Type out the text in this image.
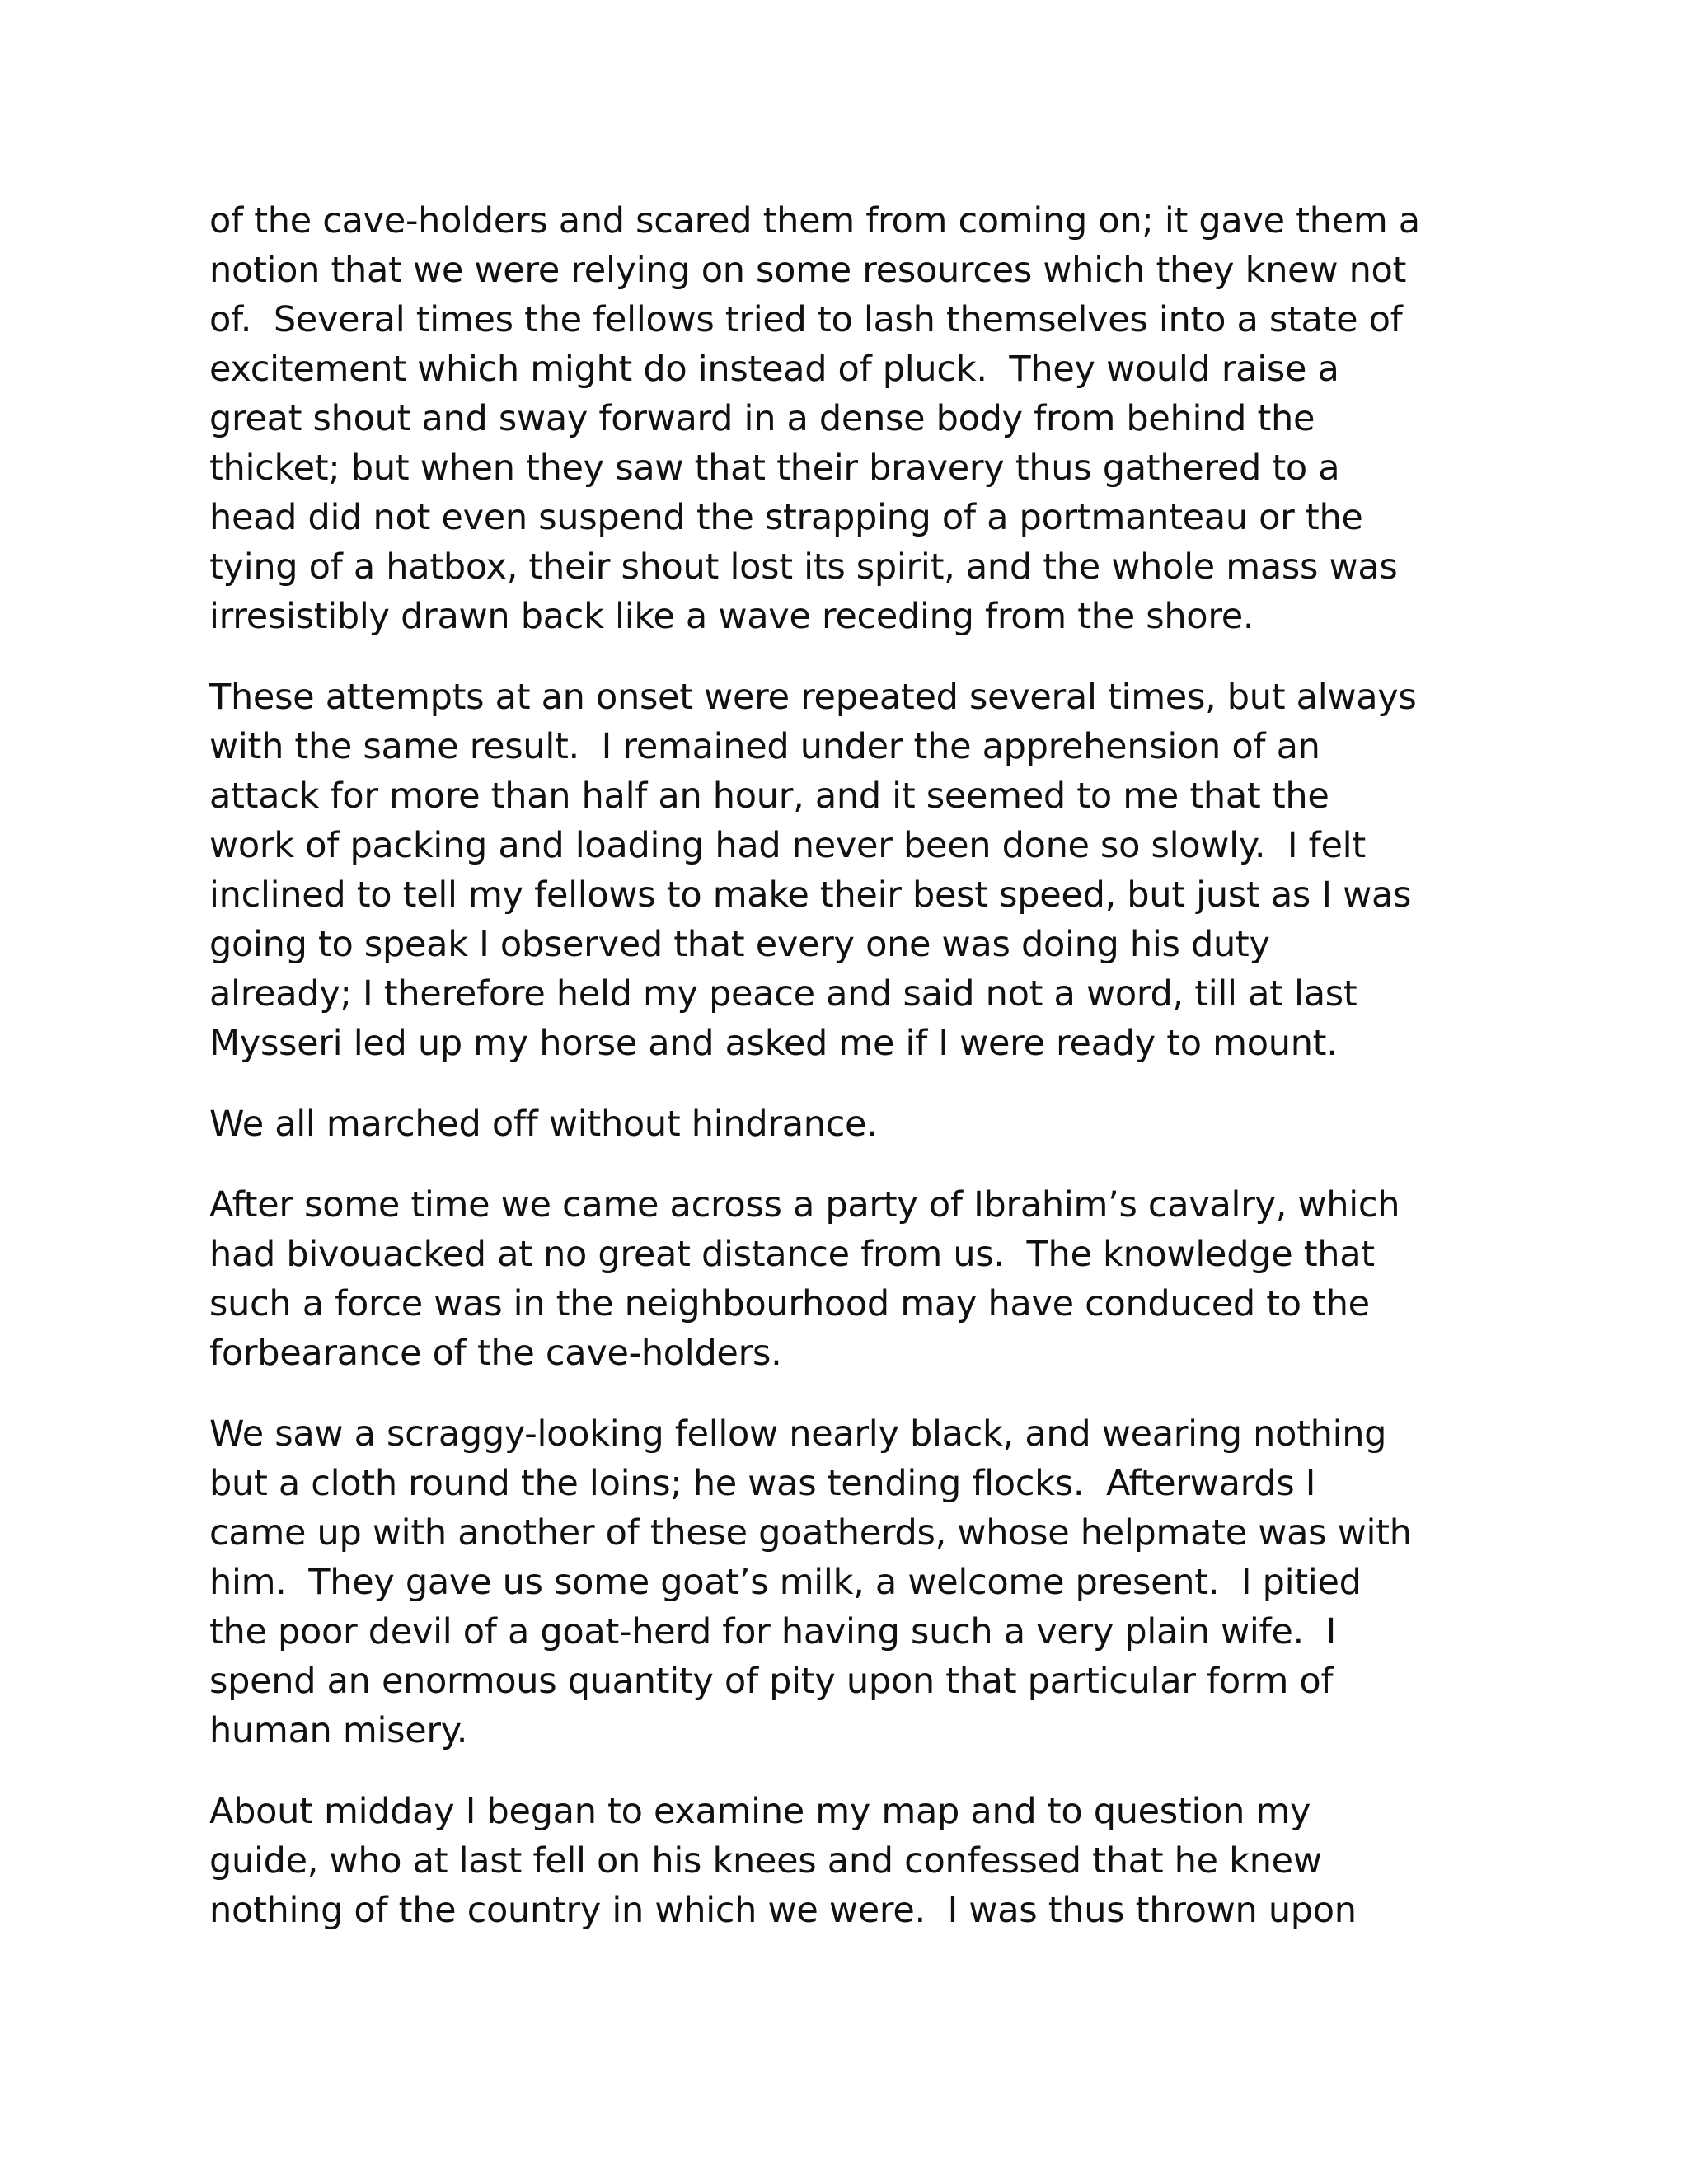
of the cave-holders and scared them from coming on; it gave them a
notion that we were relying on some resources which they knew not
of.  Several times the fellows tried to lash themselves into a state of
excitement which might do instead of pluck.  They would raise a
great shout and sway forward in a dense body from behind the
thicket; but when they saw that their bravery thus gathered to a
head did not even suspend the strapping of a portmanteau or the
tying of a hatbox, their shout lost its spirit, and the whole mass was
irresistibly drawn back like a wave receding from the shore.

These attempts at an onset were repeated several times, but always
with the same result.  I remained under the apprehension of an
attack for more than half an hour, and it seemed to me that the
work of packing and loading had never been done so slowly.  I felt
inclined to tell my fellows to make their best speed, but just as I was
going to speak I observed that every one was doing his duty
already; I therefore held my peace and said not a word, till at last
Mysseri led up my horse and asked me if I were ready to mount.

We all marched off without hindrance.

After some time we came across a party of Ibrahim’s cavalry, which
had bivouacked at no great distance from us.  The knowledge that
such a force was in the neighbourhood may have conduced to the
forbearance of the cave-holders.

We saw a scraggy-looking fellow nearly black, and wearing nothing
but a cloth round the loins; he was tending flocks.  Afterwards I
came up with another of these goatherds, whose helpmate was with
him.  They gave us some goat’s milk, a welcome present.  I pitied
the poor devil of a goat-herd for having such a very plain wife.  I
spend an enormous quantity of pity upon that particular form of
human misery.

About midday I began to examine my map and to question my
guide, who at last fell on his knees and confessed that he knew
nothing of the country in which we were.  I was thus thrown upon
